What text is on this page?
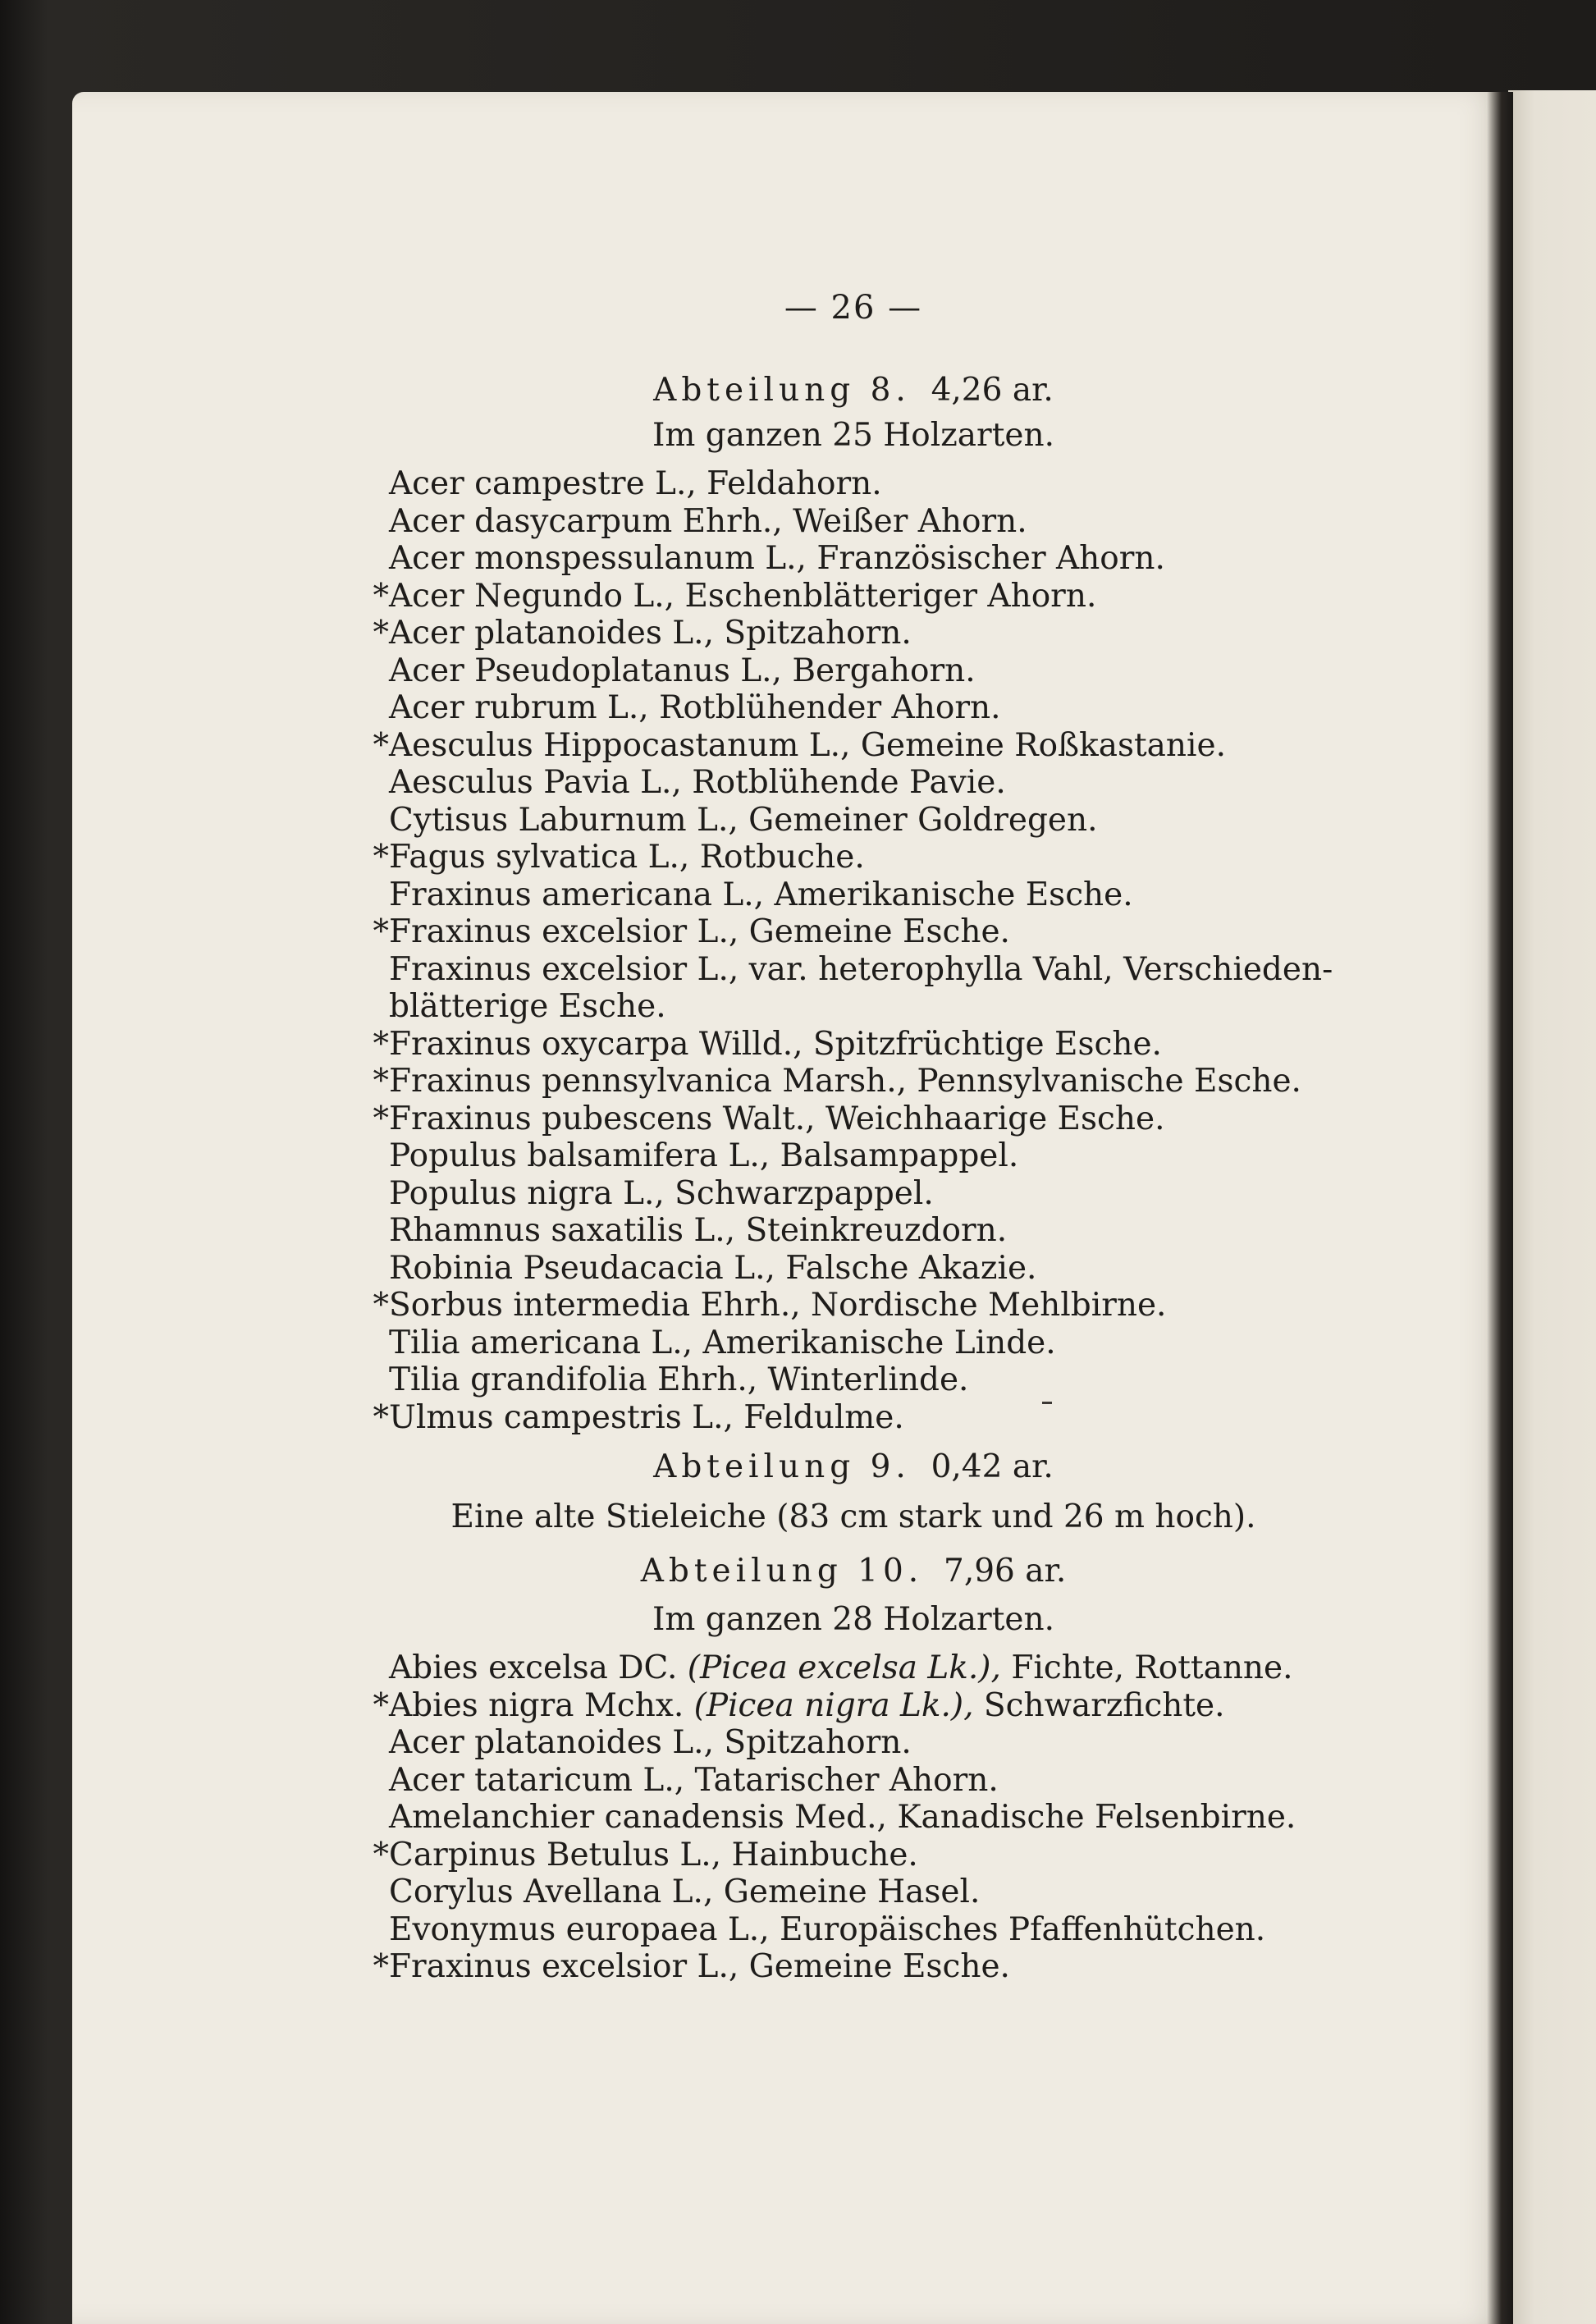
— 26 —
Abteilung 8. 4,26 ar.
Im ganzen 25 Holzarten.
Acer campestre L., Feldahorn.
Acer dasycarpum Ehrh., Weißer Ahorn.
Acer monspessulanum L., Französischer Ahorn.
*Acer Negundo L., Eschenblätteriger Ahorn.
*Acer platanoides L., Spitzahorn.
Acer Pseudoplatanus L., Bergahorn.
Acer rubrum L., Rotblühender Ahorn.
*Aesculus Hippocastanum L., Gemeine Roßkastanie.
Aesculus Pavia L., Rotblühende Pavie.
Cytisus Laburnum L., Gemeiner Goldregen.
*Fagus sylvatica L., Rotbuche.
Fraxinus americana L., Amerikanische Esche.
*Fraxinus excelsior L., Gemeine Esche.
Fraxinus excelsior L., var. heterophylla Vahl, Verschieden-
blätterige Esche.
*Fraxinus oxycarpa Willd., Spitzfrüchtige Esche.
*Fraxinus pennsylvanica Marsh., Pennsylvanische Esche.
*Fraxinus pubescens Walt., Weichhaarige Esche.
Populus balsamifera L., Balsampappel.
Populus nigra L., Schwarzpappel.
Rhamnus saxatilis L., Steinkreuzdorn.
Robinia Pseudacacia L., Falsche Akazie.
*Sorbus intermedia Ehrh., Nordische Mehlbirne.
Tilia americana L., Amerikanische Linde.
Tilia grandifolia Ehrh., Winterlinde.
*Ulmus campestris L., Feldulme.
Abteilung 9. 0,42 ar.
Eine alte Stieleiche (83 cm stark und 26 m hoch).
Abteilung 10. 7,96 ar.
Im ganzen 28 Holzarten.
Abies excelsa DC. (Picea excelsa Lk.), Fichte, Rottanne.
*Abies nigra Mchx. (Picea nigra Lk.), Schwarzfichte.
Acer platanoides L., Spitzahorn.
Acer tataricum L., Tatarischer Ahorn.
Amelanchier canadensis Med., Kanadische Felsenbirne.
*Carpinus Betulus L., Hainbuche.
Corylus Avellana L., Gemeine Hasel.
Evonymus europaea L., Europäisches Pfaffenhütchen.
*Fraxinus excelsior L., Gemeine Esche.
